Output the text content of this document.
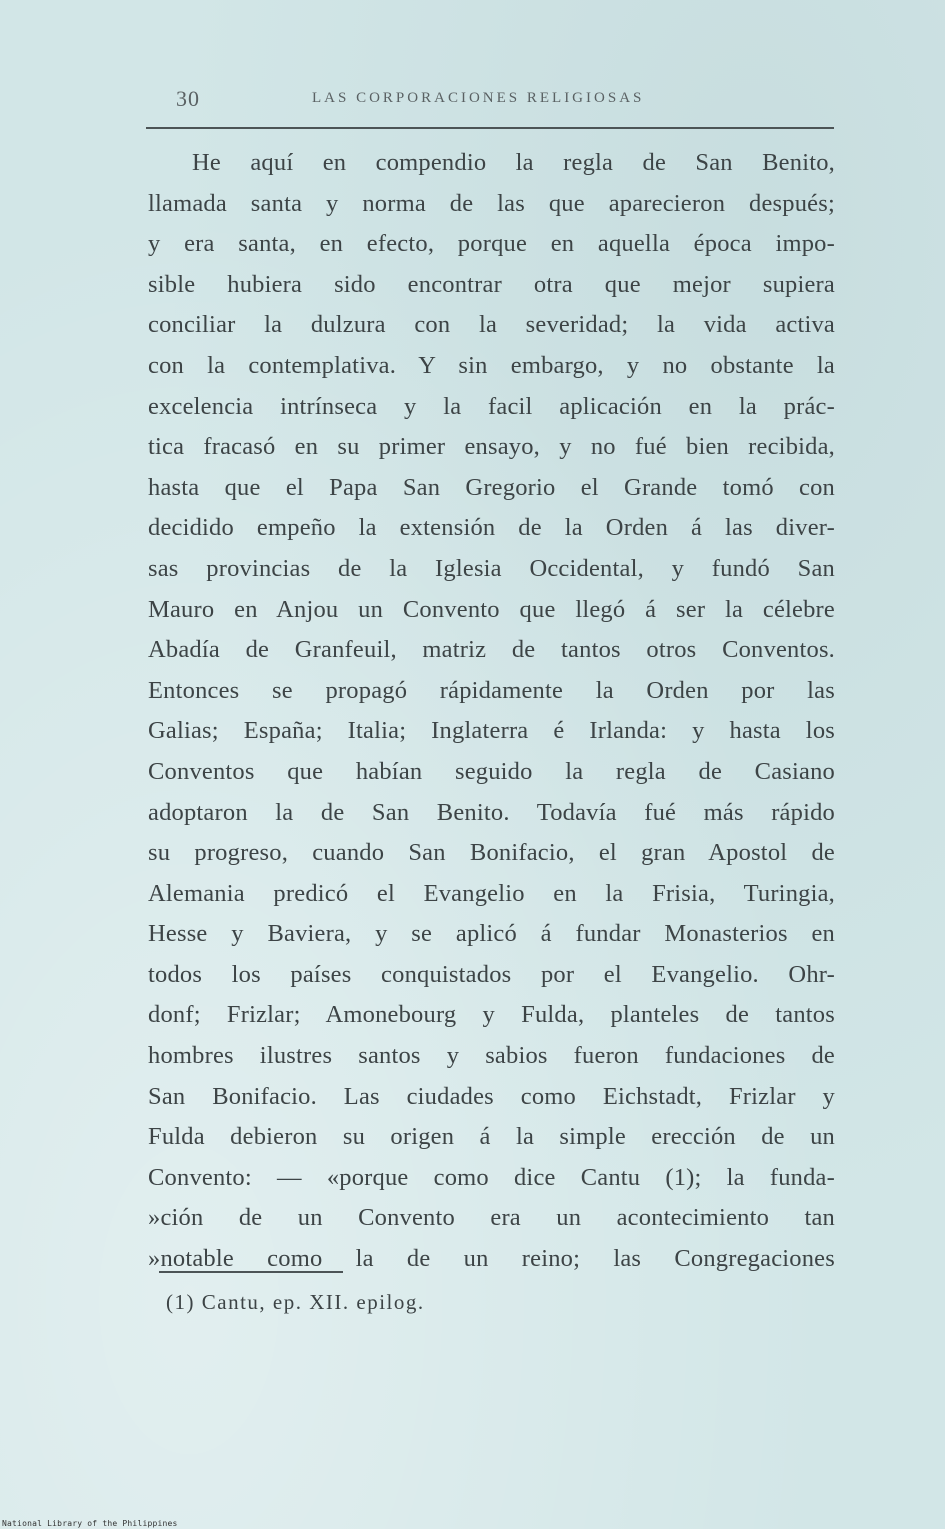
30	LAS CORPORACIONES RELIGIOSAS
He aquí en compendio la regla de San Benito,
llamada santa y norma de las que aparecieron después;
y era santa, en efecto, porque en aquella época impo-
sible hubiera sido encontrar otra que mejor supiera
conciliar la dulzura con la severidad; la vida activa
con la contemplativa. Y sin embargo, y no obstante la
excelencia intrínseca y la facil aplicación en la prác-
tica fracasó en su primer ensayo, y no fué bien recibida,
hasta que el Papa San Gregorio el Grande tomó con
decidido empeño la extensión de la Orden á las diver-
sas provincias de la Iglesia Occidental, y fundó San
Mauro en Anjou un Convento que llegó á ser la célebre
Abadía de Granfeuil, matriz de tantos otros Conventos.
Entonces se propagó rápidamente la Orden por las
Galias; España; Italia; Inglaterra é Irlanda: y hasta los
Conventos que habían seguido la regla de Casiano
adoptaron la de San Benito. Todavía fué más rápido
su progreso, cuando San Bonifacio, el gran Apostol de
Alemania predicó el Evangelio en la Frisia, Turingia,
Hesse y Baviera, y se aplicó á fundar Monasterios en
todos los países conquistados por el Evangelio. Ohr-
donf; Frizlar; Amonebourg y Fulda, planteles de tantos
hombres ilustres santos y sabios fueron fundaciones de
San Bonifacio. Las ciudades como Eichstadt, Frizlar y
Fulda debieron su origen á la simple erección de un
Convento: — «porque como dice Cantu (1); la funda-
»ción de un Convento era un acontecimiento tan
»notable como la de un reino; las Congregaciones
(1) Cantu, ep. XII. epilog.
National Library of the Philippines
